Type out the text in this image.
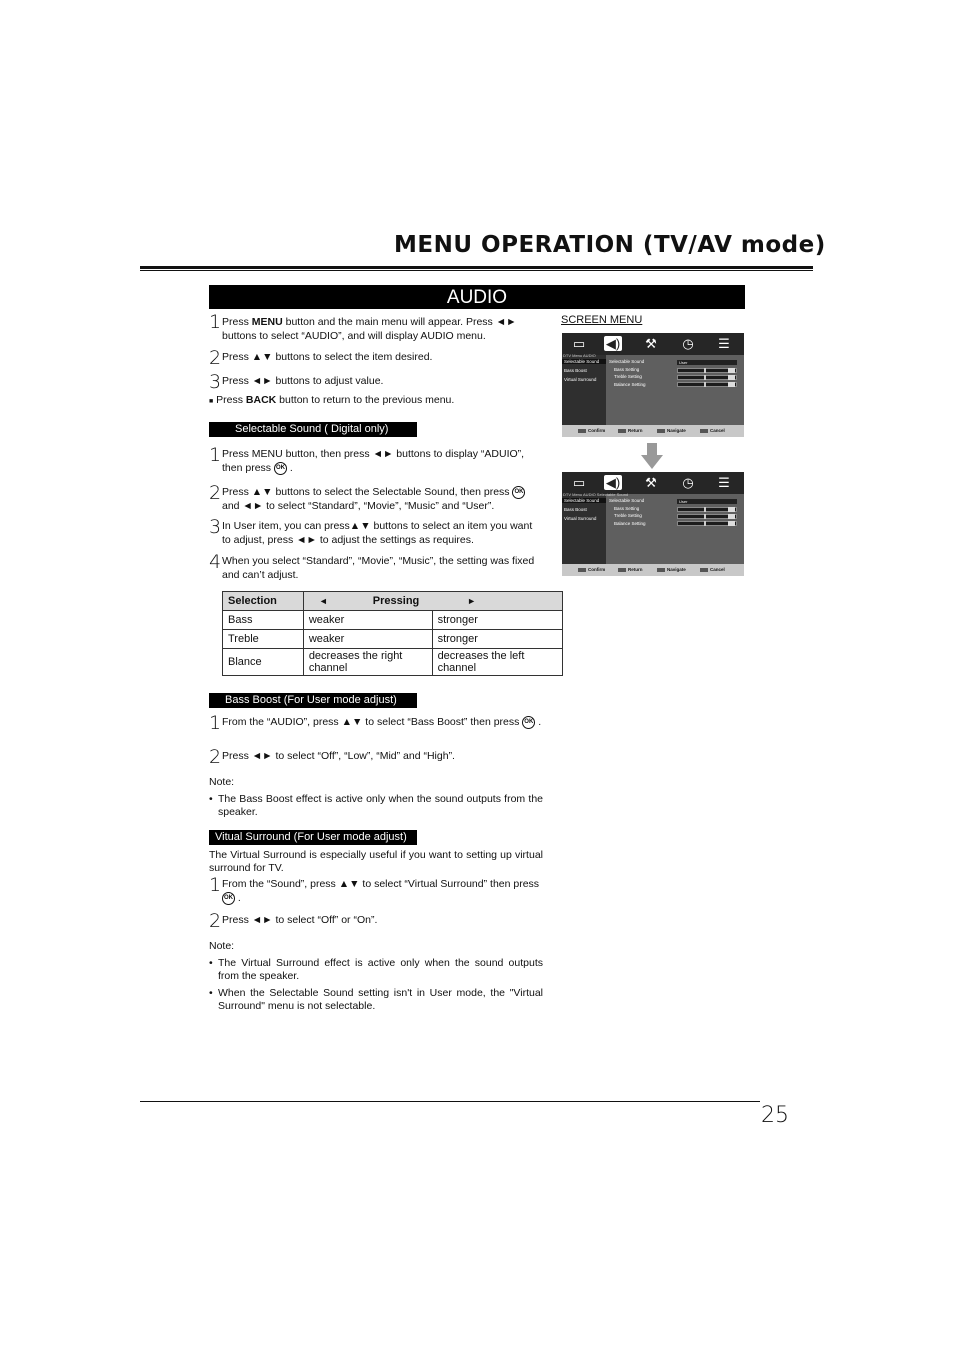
MENU OPERATION (TV/AV mode)
AUDIO
1 Press MENU button and the main menu will appear. Press ◄► buttons to select “AUDIO”, and will display AUDIO menu.
2 Press ▲▼ buttons to select the item desired.
3 Press ◄► buttons to adjust value.
■ Press BACK button to return to the previous menu.
SCREEN MENU
▭ ◀) ⚒ ◷ ☰
DTV Menu AUDIO
Selectable Sound
Bass Boost
Virtual Surround
Selectable Sound
Bass Setting
Treble Setting
Balance Setting
User
Confirm	Return	Navigate	Cancel
▭ ◀) ⚒ ◷ ☰
DTV Menu AUDIO Selectable Sound
Selectable Sound
Bass Boost
Virtual Surround
Selectable Sound
Bass Setting
Treble Setting
Balance Setting
User
Confirm	Return	Navigate	Cancel
Selectable Sound ( Digital only)
1 Press MENU button, then press ◄► buttons to display “ADUIO”, then press OK .
2 Press ▲▼ buttons to select the Selectable Sound, then press OK and ◄► to select “Standard”, “Movie”, “Music” and “User”.
3 In User item, you can press▲▼ buttons to select an item you want to adjust, press ◄► to adjust the settings as requires.
4 When you select “Standard”, “Movie”, “Music”, the setting was fixed and can’t adjust.
Selection	◄ Pressing	►
Bass	weaker	stronger
Treble	weaker	stronger
Blance	decreases the right channel	decreases the left channel
Bass Boost (For User mode adjust)
1 From the “AUDIO”, press ▲▼ to select “Bass Boost” then press OK .
2 Press ◄► to select “Off”, “Low”, “Mid” and “High”.
Note:
• The Bass Boost effect is active only when the sound outputs from the speaker.
Vitual Surround (For User mode adjust)
The Virtual Surround is especially useful if you want to setting up virtual surround for TV.
1 From the “Sound”, press ▲▼ to select “Virtual Surround” then press OK .
2 Press ◄► to select “Off” or “On”.
Note:
• The Virtual Surround effect is active only when the sound outputs from the speaker.
• When the Selectable Sound setting isn't in User mode, the "Virtual Surround" menu is not selectable.
25
